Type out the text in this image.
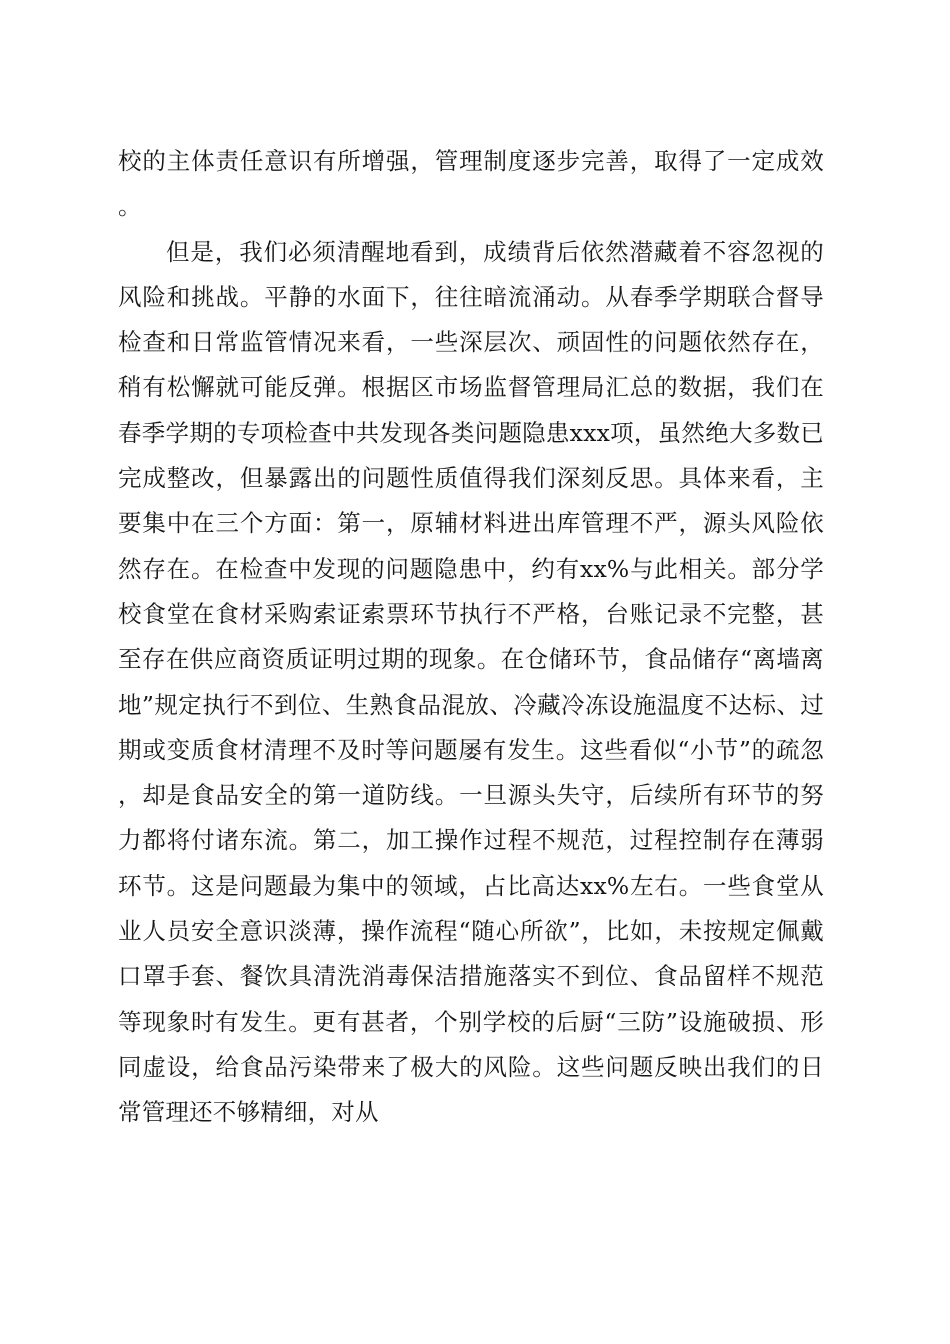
校的主体责任意识有所增强，管理制度逐步完善，取得了一定成效。

但是，我们必须清醒地看到，成绩背后依然潜藏着不容忽视的风险和挑战。平静的水面下，往往暗流涌动。从春季学期联合督导检查和日常监管情况来看，一些深层次、顽固性的问题依然存在，稍有松懈就可能反弹。根据区市场监督管理局汇总的数据，我们在春季学期的专项检查中共发现各类问题隐患xxx项，虽然绝大多数已完成整改，但暴露出的问题性质值得我们深刻反思。具体来看，主要集中在三个方面：第一，原辅材料进出库管理不严，源头风险依然存在。在检查中发现的问题隐患中，约有xx%与此相关。部分学校食堂在食材采购索证索票环节执行不严格，台账记录不完整，甚至存在供应商资质证明过期的现象。在仓储环节，食品储存“离墙离地”规定执行不到位、生熟食品混放、冷藏冷冻设施温度不达标、过期或变质食材清理不及时等问题屡有发生。这些看似“小节”的疏忽，却是食品安全的第一道防线。一旦源头失守，后续所有环节的努力都将付诸东流。第二，加工操作过程不规范，过程控制存在薄弱环节。这是问题最为集中的领域，占比高达xx%左右。一些食堂从业人员安全意识淡薄，操作流程“随心所欲”，比如，未按规定佩戴口罩手套、餐饮具清洗消毒保洁措施落实不到位、食品留样不规范等现象时有发生。更有甚者，个别学校的后厨“三防”设施破损、形同虚设，给食品污染带来了极大的风险。这些问题反映出我们的日常管理还不够精细，对从
